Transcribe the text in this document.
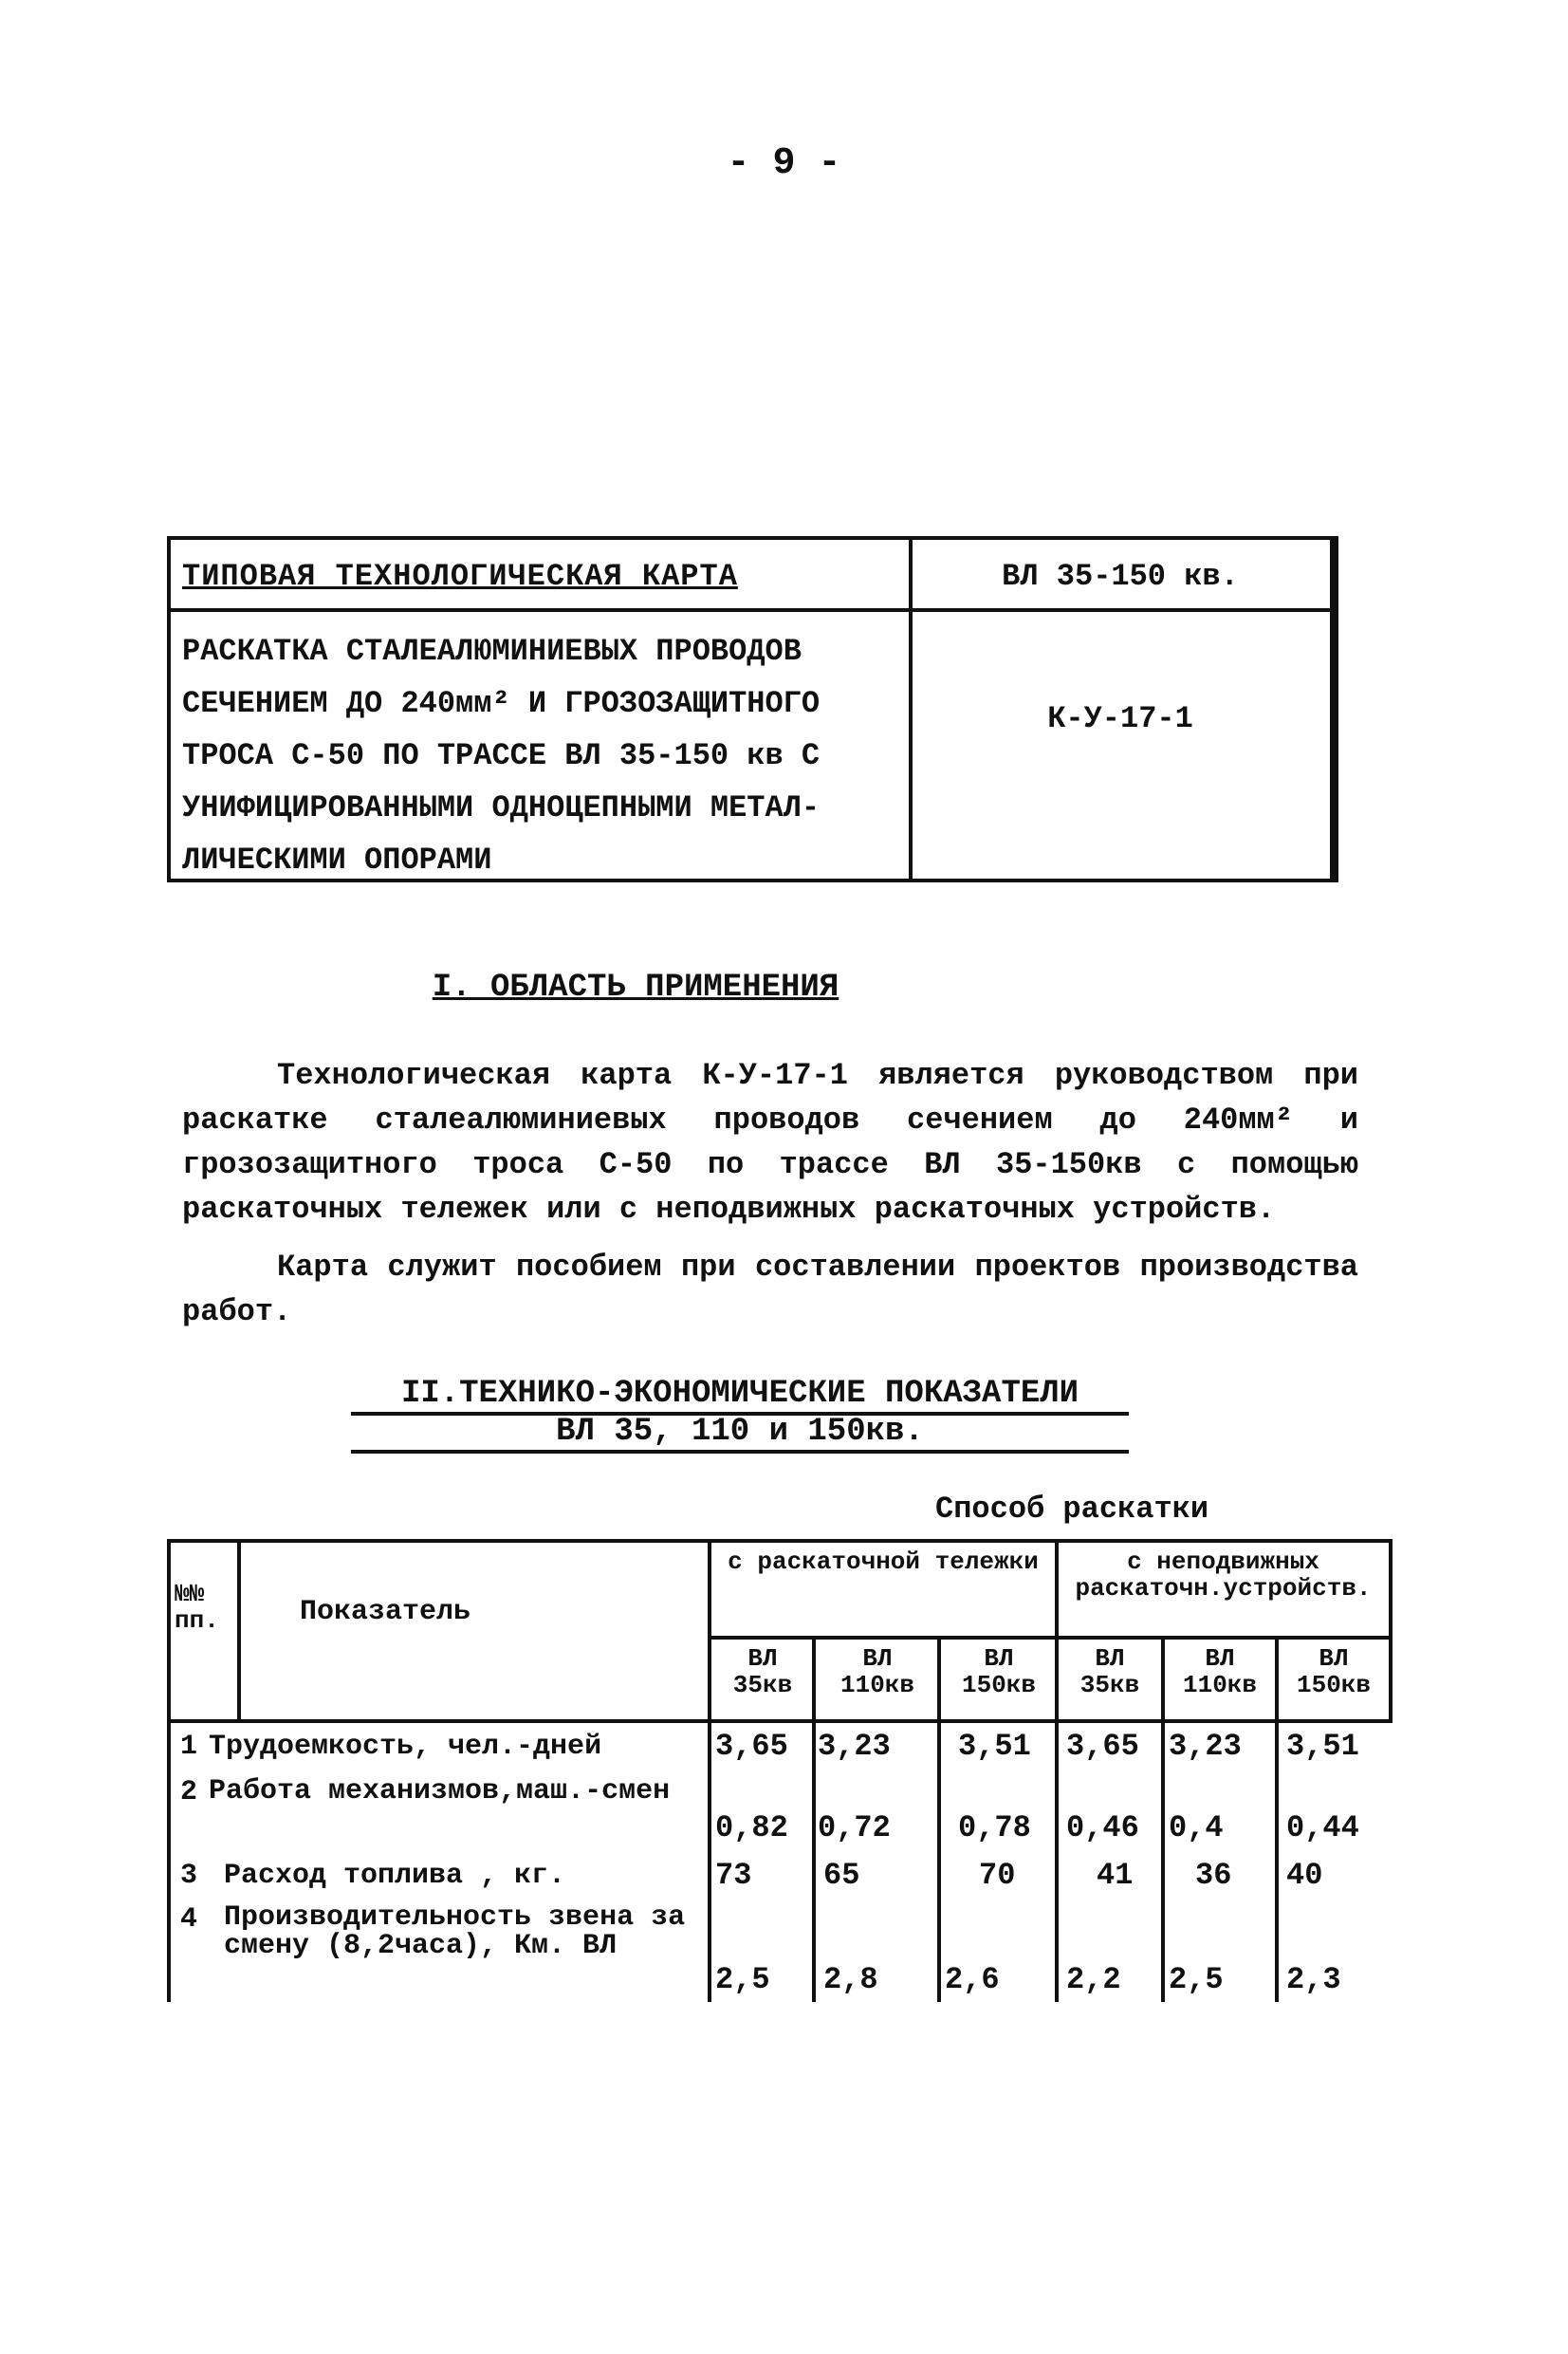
- 9 -
ТИПОВАЯ ТЕХНОЛОГИЧЕСКАЯ КАРТА	ВЛ 35-150 кв.
РАСКАТКА СТАЛЕАЛЮМИНИЕВЫХ ПРОВОДОВ
СЕЧЕНИЕМ ДО 240мм² И ГРОЗОЗАЩИТНОГО
ТРОСА С-50 ПО ТРАССЕ ВЛ 35-150 кв С
УНИФИЦИРОВАННЫМИ ОДНОЦЕПНЫМИ МЕТАЛ-
ЛИЧЕСКИМИ ОПОРАМИ
К-У-17-1
I. ОБЛАСТЬ ПРИМЕНЕНИЯ

Технологическая карта К-У-17-1 является руководством при раскатке сталеалюминиевых проводов сечением до 240мм² и грозозащитного троса С-50 по трассе ВЛ 35-150кв с помощью раскаточных тележек или с неподвижных раскаточных устройств.

Карта служит пособием при составлении проектов производства работ.

II.ТЕХНИКО-ЭКОНОМИЧЕСКИЕ ПОКАЗАТЕЛИ
ВЛ 35, 110 и 150кв.
Способ раскатки
№№ пп.	Показатель
с раскаточной тележки	с неподвижных раскаточн.устройств.
ВЛ 35кв
ВЛ 110кв
ВЛ 150кв
ВЛ 35кв
ВЛ 110кв
ВЛ 150кв
1 Трудоемкость, чел.-дней	3,65 3,23 3,51 3,65 3,23 3,51
2 Работа механизмов,маш.-смен
0,82 0,72 0,78 0,46 0,4 0,44
3 Расход топлива , кг.	73 65	70	41 36 40
4 Производительность звена за смену (8,2часа), Км. ВЛ
2,5 2,8 2,6 2,2 2,5 2,3
